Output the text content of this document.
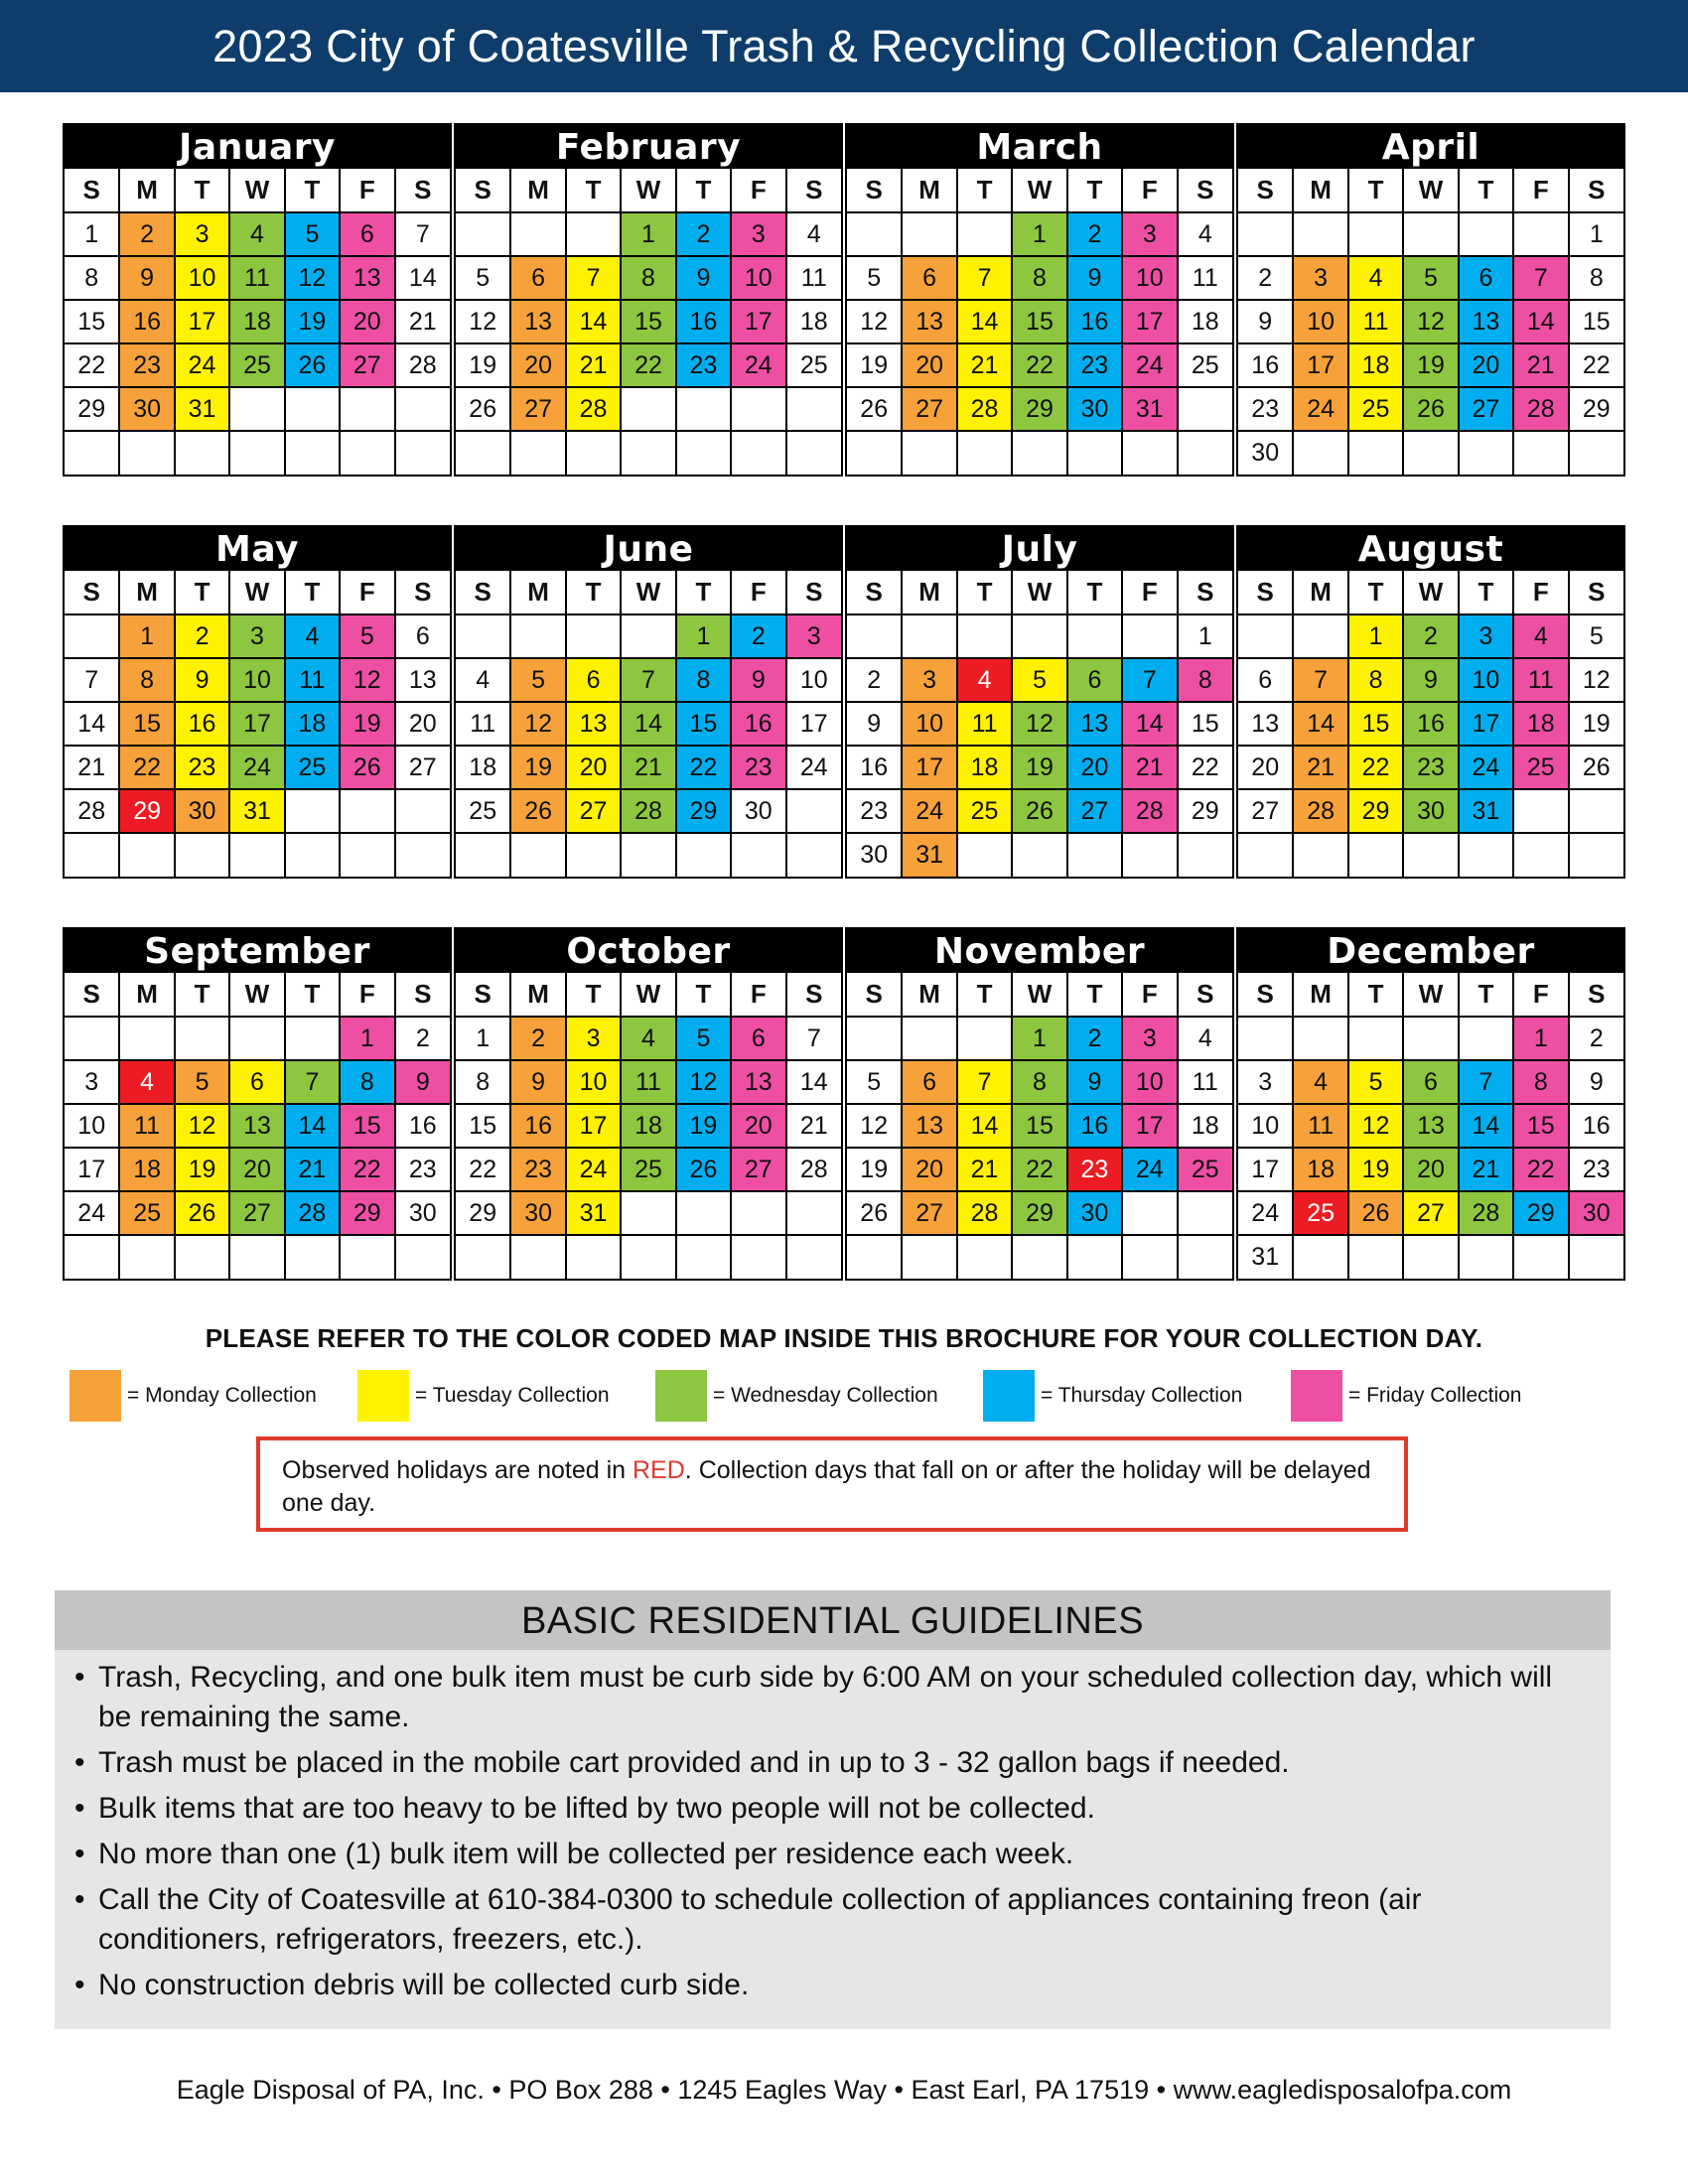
2023 City of Coatesville Trash & Recycling Collection Calendar
January
S	M	T	W	T	F	S
1	2	3	4	5	6	7
8	9	10	11	12	13	14
15	16	17	18	19	20	21
22	23	24	25	26	27	28
29	30	31				

February
S	M	T	W	T	F	S
			1	2	3	4
5	6	7	8	9	10	11
12	13	14	15	16	17	18
19	20	21	22	23	24	25
26	27	28				

March
S	M	T	W	T	F	S
			1	2	3	4
5	6	7	8	9	10	11
12	13	14	15	16	17	18
19	20	21	22	23	24	25
26	27	28	29	30	31	

April
S	M	T	W	T	F	S
						1
2	3	4	5	6	7	8
9	10	11	12	13	14	15
16	17	18	19	20	21	22
23	24	25	26	27	28	29
30						
May
S	M	T	W	T	F	S
	1	2	3	4	5	6
7	8	9	10	11	12	13
14	15	16	17	18	19	20
21	22	23	24	25	26	27
28	29	30	31			

June
S	M	T	W	T	F	S
				1	2	3
4	5	6	7	8	9	10
11	12	13	14	15	16	17
18	19	20	21	22	23	24
25	26	27	28	29	30	

July
S	M	T	W	T	F	S
						1
2	3	4	5	6	7	8
9	10	11	12	13	14	15
16	17	18	19	20	21	22
23	24	25	26	27	28	29
30	31					
August
S	M	T	W	T	F	S
		1	2	3	4	5
6	7	8	9	10	11	12
13	14	15	16	17	18	19
20	21	22	23	24	25	26
27	28	29	30	31		

September
S	M	T	W	T	F	S
					1	2
3	4	5	6	7	8	9
10	11	12	13	14	15	16
17	18	19	20	21	22	23
24	25	26	27	28	29	30

October
S	M	T	W	T	F	S
1	2	3	4	5	6	7
8	9	10	11	12	13	14
15	16	17	18	19	20	21
22	23	24	25	26	27	28
29	30	31				

November
S	M	T	W	T	F	S
			1	2	3	4
5	6	7	8	9	10	11
12	13	14	15	16	17	18
19	20	21	22	23	24	25
26	27	28	29	30		

December
S	M	T	W	T	F	S
					1	2
3	4	5	6	7	8	9
10	11	12	13	14	15	16
17	18	19	20	21	22	23
24	25	26	27	28	29	30
31						
PLEASE REFER TO THE COLOR CODED MAP INSIDE THIS BROCHURE FOR YOUR COLLECTION DAY.
= Monday Collection	= Tuesday Collection	= Wednesday Collection	= Thursday Collection	= Friday Collection
Observed holidays are noted in RED. Collection days that fall on or after the holiday will be delayed one day.
BASIC RESIDENTIAL GUIDELINES
• Trash, Recycling, and one bulk item must be curb side by 6:00 AM on your scheduled collection day, which will be remaining the same.
• Trash must be placed in the mobile cart provided and in up to 3 - 32 gallon bags if needed.
• Bulk items that are too heavy to be lifted by two people will not be collected.
• No more than one (1) bulk item will be collected per residence each week.
• Call the City of Coatesville at 610-384-0300 to schedule collection of appliances containing freon (air conditioners, refrigerators, freezers, etc.).
• No construction debris will be collected curb side.
Eagle Disposal of PA, Inc. • PO Box 288 • 1245 Eagles Way • East Earl, PA 17519 • www.eagledisposalofpa.com
